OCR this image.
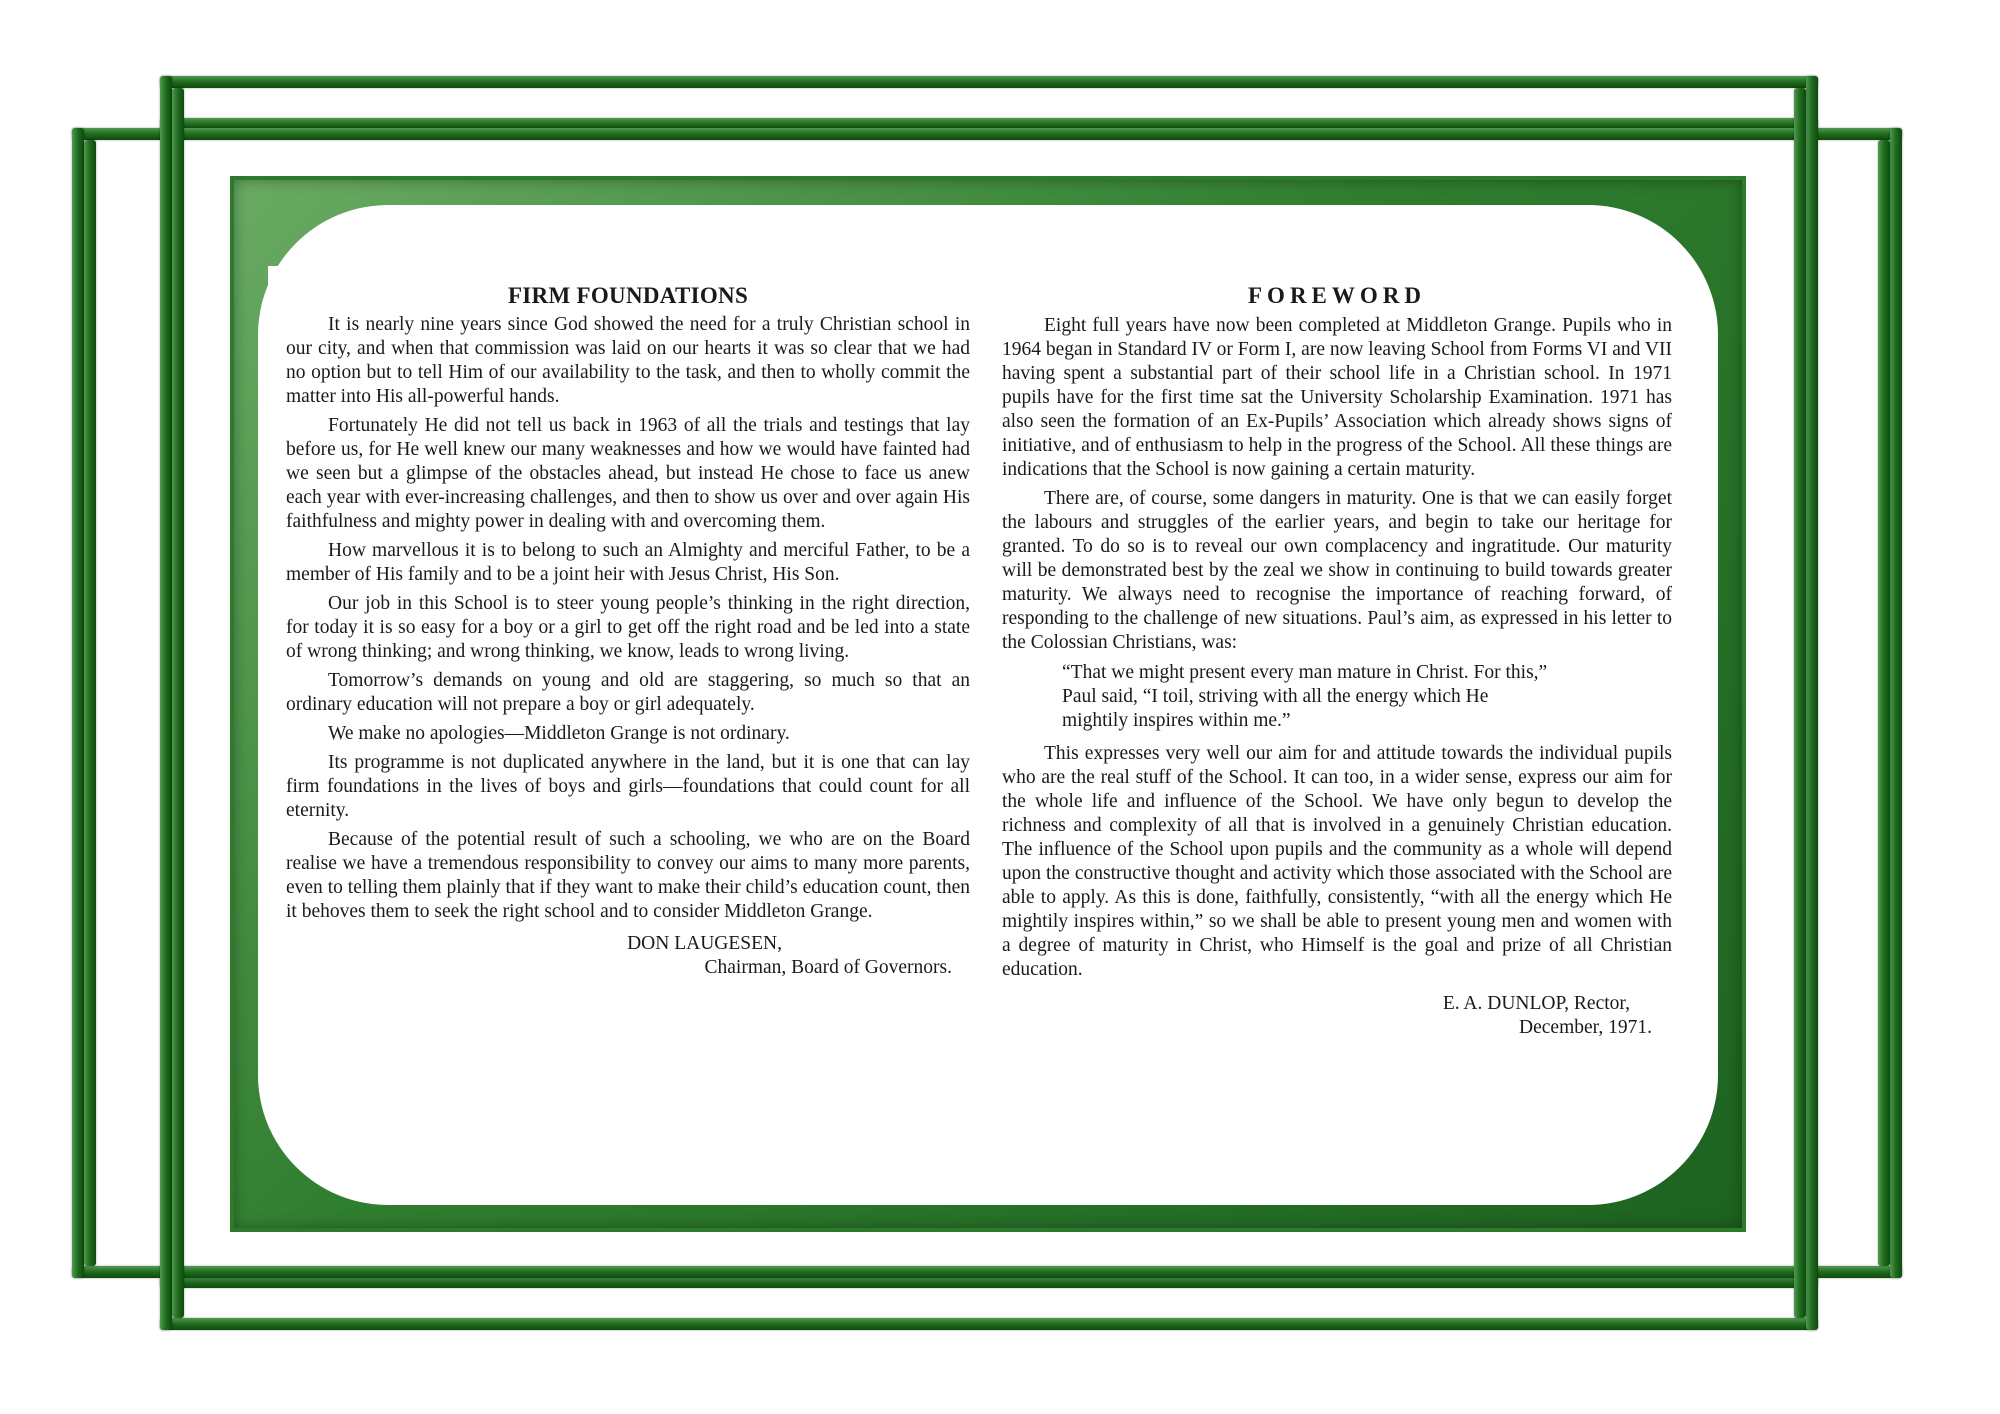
FIRM FOUNDATIONS

It is nearly nine years since God showed the need for a truly Christian school in our city, and when that commission was laid on our hearts it was so clear that we had no option but to tell Him of our availability to the task, and then to wholly commit the matter into His all-powerful hands.

Fortunately He did not tell us back in 1963 of all the trials and testings that lay before us, for He well knew our many weaknesses and how we would have fainted had we seen but a glimpse of the obstacles ahead, but instead He chose to face us anew each year with ever-increasing challenges, and then to show us over and over again His faithfulness and mighty power in dealing with and overcoming them.

How marvellous it is to belong to such an Almighty and merciful Father, to be a member of His family and to be a joint heir with Jesus Christ, His Son.

Our job in this School is to steer young people’s thinking in the right direction, for today it is so easy for a boy or a girl to get off the right road and be led into a state of wrong thinking; and wrong thinking, we know, leads to wrong living.

Tomorrow’s demands on young and old are staggering, so much so that an ordinary education will not prepare a boy or girl adequately.

We make no apologies—Middleton Grange is not ordinary.

Its programme is not duplicated anywhere in the land, but it is one that can lay firm foundations in the lives of boys and girls—foundations that could count for all eternity.

Because of the potential result of such a schooling, we who are on the Board realise we have a tremendous responsibility to convey our aims to many more parents, even to telling them plainly that if they want to make their child’s education count, then it behoves them to seek the right school and to consider Middleton Grange.

DON LAUGESEN,
Chairman, Board of Governors.
FOREWORD

Eight full years have now been completed at Middleton Grange. Pupils who in 1964 began in Standard IV or Form I, are now leaving School from Forms VI and VII having spent a substantial part of their school life in a Christian school. In 1971 pupils have for the first time sat the University Scholarship Examination. 1971 has also seen the formation of an Ex-Pupils’ Association which already shows signs of initiative, and of enthusiasm to help in the progress of the School. All these things are indications that the School is now gaining a certain maturity.

There are, of course, some dangers in maturity. One is that we can easily forget the labours and struggles of the earlier years, and begin to take our heritage for granted. To do so is to reveal our own complacency and ingratitude. Our maturity will be demonstrated best by the zeal we show in continuing to build towards greater maturity. We always need to recognise the importance of reaching forward, of responding to the challenge of new situations. Paul’s aim, as expressed in his letter to the Colossian Christians, was:

“That we might present every man mature in Christ. For this,”
Paul said, “I toil, striving with all the energy which He
mightily inspires within me.”

This expresses very well our aim for and attitude towards the individual pupils who are the real stuff of the School. It can too, in a wider sense, express our aim for the whole life and influence of the School. We have only begun to develop the richness and complexity of all that is involved in a genuinely Christian education. The influence of the School upon pupils and the community as a whole will depend upon the constructive thought and activity which those associated with the School are able to apply. As this is done, faithfully, consistently, “with all the energy which He mightily inspires within,” so we shall be able to present young men and women with a degree of maturity in Christ, who Himself is the goal and prize of all Christian education.

E. A. DUNLOP, Rector,
December, 1971.
